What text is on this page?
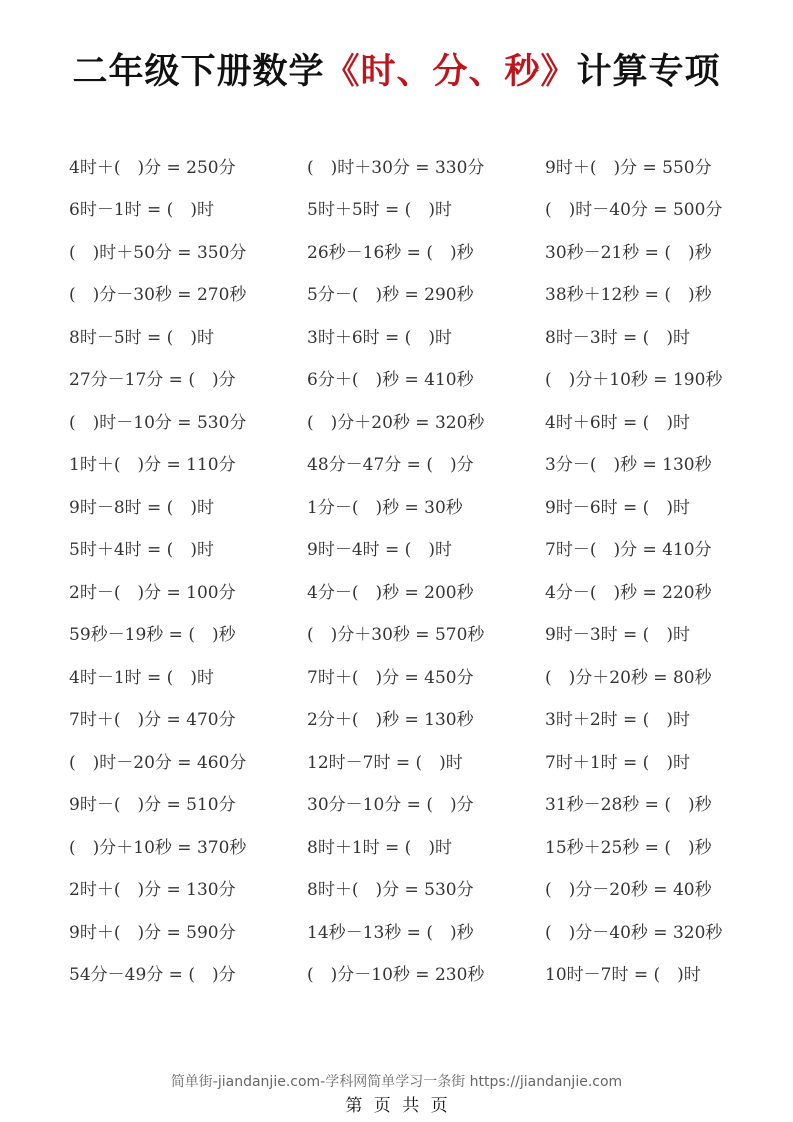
二年级下册数学《时、分、秒》计算专项
4时＋(　)分 = 250分	(　)时＋30分 = 330分	9时＋(　)分 = 550分
6时－1时 = (　)时	5时＋5时 = (　)时	(　)时－40分 = 500分
(　)时＋50分 = 350分	26秒－16秒 = (　)秒	30秒－21秒 = (　)秒
(　)分－30秒 = 270秒	5分－(　)秒 = 290秒	38秒＋12秒 = (　)秒
8时－5时 = (　)时	3时＋6时 = (　)时	8时－3时 = (　)时
27分－17分 = (　)分	6分＋(　)秒 = 410秒	(　)分＋10秒 = 190秒
(　)时－10分 = 530分	(　)分＋20秒 = 320秒	4时＋6时 = (　)时
1时＋(　)分 = 110分	48分－47分 = (　)分	3分－(　)秒 = 130秒
9时－8时 = (　)时	1分－(　)秒 = 30秒	9时－6时 = (　)时
5时＋4时 = (　)时	9时－4时 = (　)时	7时－(　)分 = 410分
2时－(　)分 = 100分	4分－(　)秒 = 200秒	4分－(　)秒 = 220秒
59秒－19秒 = (　)秒	(　)分＋30秒 = 570秒	9时－3时 = (　)时
4时－1时 = (　)时	7时＋(　)分 = 450分	(　)分＋20秒 = 80秒
7时＋(　)分 = 470分	2分＋(　)秒 = 130秒	3时＋2时 = (　)时
(　)时－20分 = 460分	12时－7时 = (　)时	7时＋1时 = (　)时
9时－(　)分 = 510分	30分－10分 = (　)分	31秒－28秒 = (　)秒
(　)分＋10秒 = 370秒	8时＋1时 = (　)时	15秒＋25秒 = (　)秒
2时＋(　)分 = 130分	8时＋(　)分 = 530分	(　)分－20秒 = 40秒
9时＋(　)分 = 590分	14秒－13秒 = (　)秒	(　)分－40秒 = 320秒
54分－49分 = (　)分	(　)分－10秒 = 230秒	10时－7时 = (　)时
简单街-jiandanjie.com-学科网简单学习一条街 https://jiandanjie.com
第 页 共 页
